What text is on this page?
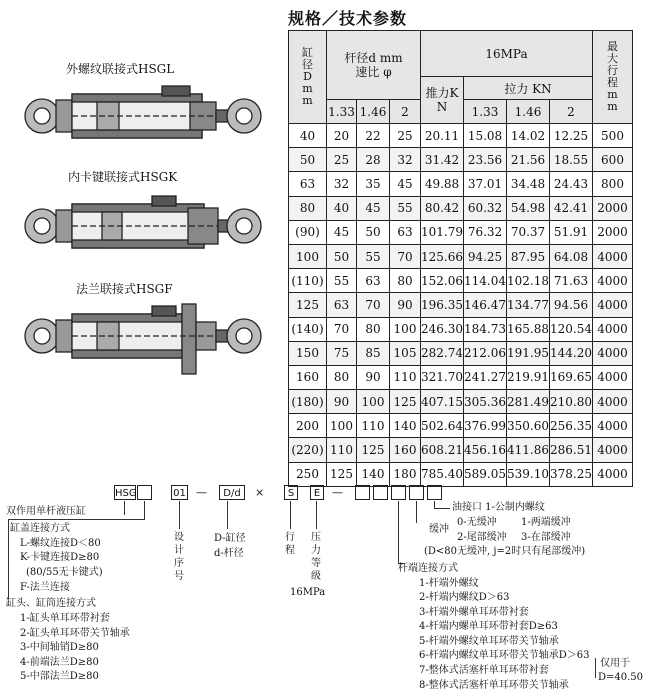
外螺纹联接式HSGL
内卡键联接式HSGK
法兰联接式HSGF
规格／技术参数
缸径Dmm	杆径d mm
速比 φ			16MPa				最大行程mm
				推力KN	拉力 KN			
	1.33	1.46	2		1.33	1.46	2	
40	20	22	25	20.11	15.08	14.02	12.25	500
50	25	28	32	31.42	23.56	21.56	18.55	600
63	32	35	45	49.88	37.01	34.48	24.43	800
80	40	45	55	80.42	60.32	54.98	42.41	2000
(90)	45	50	63	101.79	76.32	70.37	51.91	2000
100	50	55	70	125.66	94.25	87.95	64.08	4000
(110)	55	63	80	152.06	114.04	102.18	71.63	4000
125	63	70	90	196.35	146.47	134.77	94.56	4000
(140)	70	80	100	246.30	184.73	165.88	120.54	4000
150	75	85	105	282.74	212.06	191.95	144.20	4000
160	80	90	110	321.70	241.27	219.91	169.65	4000
(180)	90	100	125	407.15	305.36	281.49	210.80	4000
200	100	110	140	502.64	376.99	350.60	256.35	4000
(220)	110	125	160	608.21	456.16	411.86	286.51	4000
250	125	140	180	785.40	589.05	539.10	378.25	4000
HSG	01 —	D/d	×	S	E	—
双作用单杆液压缸
缸盖连接方式
L-螺纹连接D＜80
K-卡键连接D≥80
(80/55无卡键式)
F-法兰连接
缸头、缸筒连接方式
1-缸头单耳环带衬套
2-缸头单耳环带关节轴承
3-中间轴销D≥80
4-前端法兰D≥80
5-中部法兰D≥80
设计序号
D-缸径
d-杆径
行程
压力等级
16MPa
油接口 1-公制内螺纹
缓冲
0-无缓冲 1-两端缓冲
2-尾部缓冲 3-在部缓冲
(D<80无缓冲, j=2时只有尾部缓冲)
杆端连接方式
1-杆端外螺纹
2-杆端内螺纹D＞63
3-杆端外螺单耳环带衬套
4-杆端内螺单耳环带衬套D≥63
5-杆端外螺纹单耳环带关节轴承
6-杆端内螺纹单耳环带关节轴承D＞63
7-整体式活塞杆单耳环带衬套
8-整体式活塞杆单耳环带关节轴承
仅用于
D=40.50
